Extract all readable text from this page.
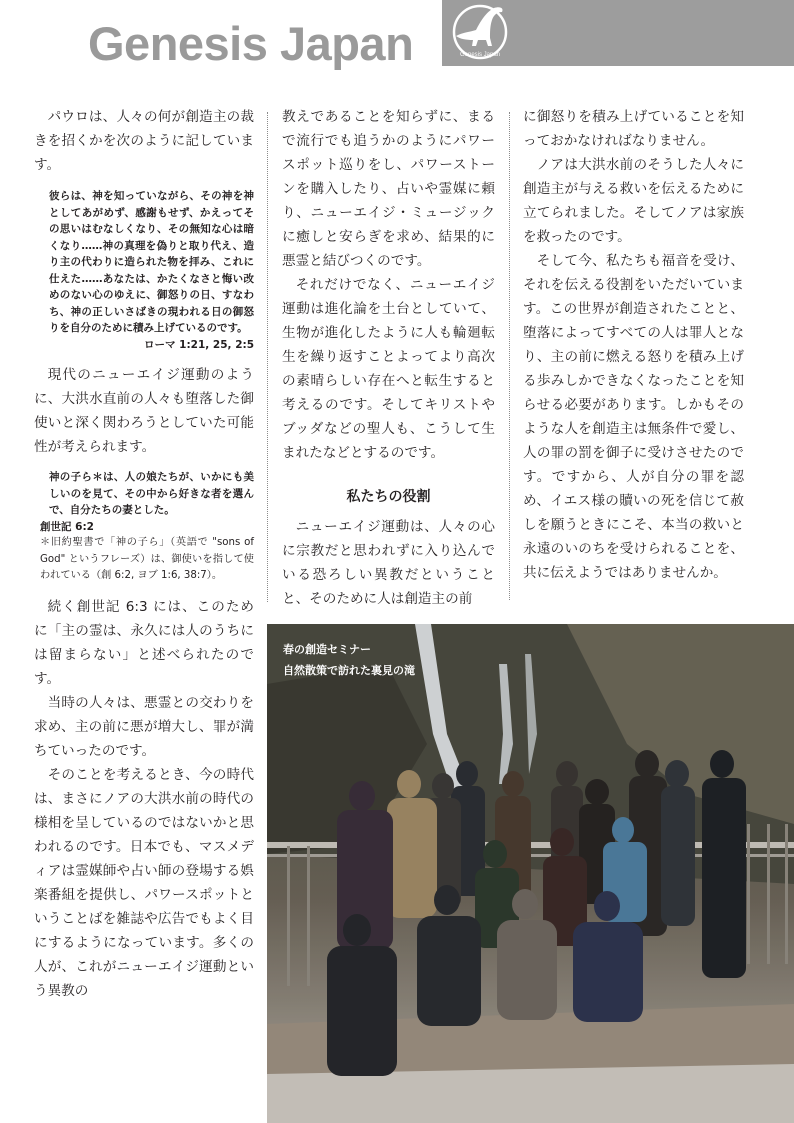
Genesis Japan	Genesis Japan

パウロは、人々の何が創造主の裁きを招くかを次のように記しています。

彼らは、神を知っていながら、その神を神としてあがめず、感謝もせず、かえってその思いはむなしくなり、その無知な心は暗くなり……神の真理を偽りと取り代え、造り主の代わりに造られた物を拝み、これに仕えた……あなたは、かたくなさと悔い改めのない心のゆえに、御怒りの日、すなわち、神の正しいさばきの現われる日の御怒りを自分のために積み上げているのです。

ローマ 1:21, 25, 2:5

現代のニューエイジ運動のように、大洪水直前の人々も堕落した御使いと深く関わろうとしていた可能性が考えられます。

神の子ら＊は、人の娘たちが、いかにも美しいのを見て、その中から好きな者を選んで、自分たちの妻とした。

創世記 6:2

＊旧約聖書で「神の子ら」（英語で "sons of God" というフレーズ）は、御使いを指して使われている（創 6:2, ヨブ 1:6, 38:7）。

続く創世記 6:3 には、このために「主の霊は、永久には人のうちには留まらない」と述べられたのです。

当時の人々は、悪霊との交わりを求め、主の前に悪が増大し、罪が満ちていったのです。

そのことを考えるとき、今の時代は、まさにノアの大洪水前の時代の様相を呈しているのではないかと思われるのです。日本でも、マスメディアは霊媒師や占い師の登場する娯楽番組を提供し、パワースポットということばを雑誌や広告でもよく目にするようになっています。多くの人が、これがニューエイジ運動という異教の

教えであることを知らずに、まるで流行でも追うかのようにパワースポット巡りをし、パワーストーンを購入したり、占いや霊媒に頼り、ニューエイジ・ミュージックに癒しと安らぎを求め、結果的に悪霊と結びつくのです。

それだけでなく、ニューエイジ運動は進化論を土台としていて、生物が進化したように人も輪廻転生を繰り返すことよってより高次の素晴らしい存在へと転生すると考えるのです。そしてキリストやブッダなどの聖人も、こうして生まれたなどとするのです。

私たちの役割

ニューエイジ運動は、人々の心に宗教だと思われずに入り込んでいる恐ろしい異教だということと、そのために人は創造主の前

に御怒りを積み上げていることを知っておかなければなりません。

ノアは大洪水前のそうした人々に創造主が与える救いを伝えるために立てられました。そしてノアは家族を救ったのです。

そして今、私たちも福音を受け、それを伝える役割をいただいています。この世界が創造されたことと、堕落によってすべての人は罪人となり、主の前に燃える怒りを積み上げる歩みしかできなくなったことを知らせる必要があります。しかもそのような人を創造主は無条件で愛し、人の罪の罰を御子に受けさせたのです。ですから、人が自分の罪を認め、イエス様の贖いの死を信じて赦しを願うときにこそ、本当の救いと永遠のいのちを受けられることを、共に伝えようではありませんか。

春の創造セミナー
自然散策で訪れた裏見の滝
